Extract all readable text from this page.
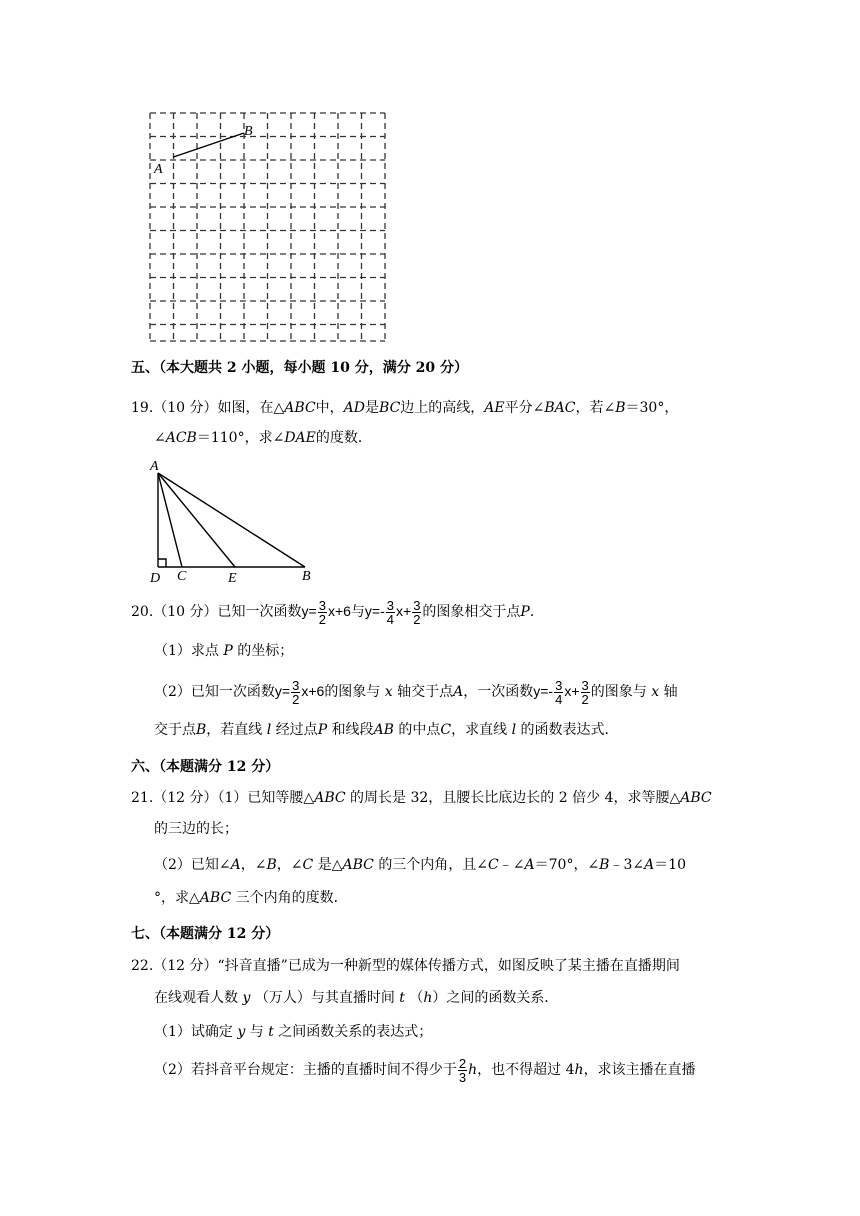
A
B
五、（本大题共 2 小题，每小题 10 分，满分 20 分）
19.（10 分）如图，在△ABC中，AD是BC边上的高线，AE平分∠BAC，若∠B＝30°，
∠ACB＝110°，求∠DAE的度数．
A
D C	E	B
20.（10 分）已知一次函数$y= \frac{3}{2} x+6$与$y=- \frac{3}{4} x+ \frac{3}{2}$ 的图象相交于点P．
（1）求点 P 的坐标；
（2）已知一次函数$y= \frac{3}{2} x+6$的图象与 x 轴交于点A，一次函数$y=- \frac{3}{4} x+ \frac{3}{2}$ 的图象与 x 轴
交于点B，若直线 l 经过点P 和线段AB 的中点C，求直线 l 的函数表达式．
六、（本题满分 12 分）
21.（12 分）（1）已知等腰△ABC 的周长是 32，且腰长比底边长的 2 倍少 4，求等腰△ABC
的三边的长；
（2）已知∠A，∠B，∠C 是△ABC 的三个内角，且∠C﹣∠A＝70°，∠B﹣3∠A＝10
°，求△ABC 三个内角的度数．
七、（本题满分 12 分）
22.（12 分）“抖音直播”已成为一种新型的媒体传播方式，如图反映了某主播在直播期间
在线观看人数 y （万人）与其直播时间 t （h）之间的函数关系．
（1）试确定 y 与 t 之间函数关系的表达式；
（2）若抖音平台规定：主播的直播时间不得少于 $\frac{2}{3}$ h，也不得超过 4h，求该主播在直播
